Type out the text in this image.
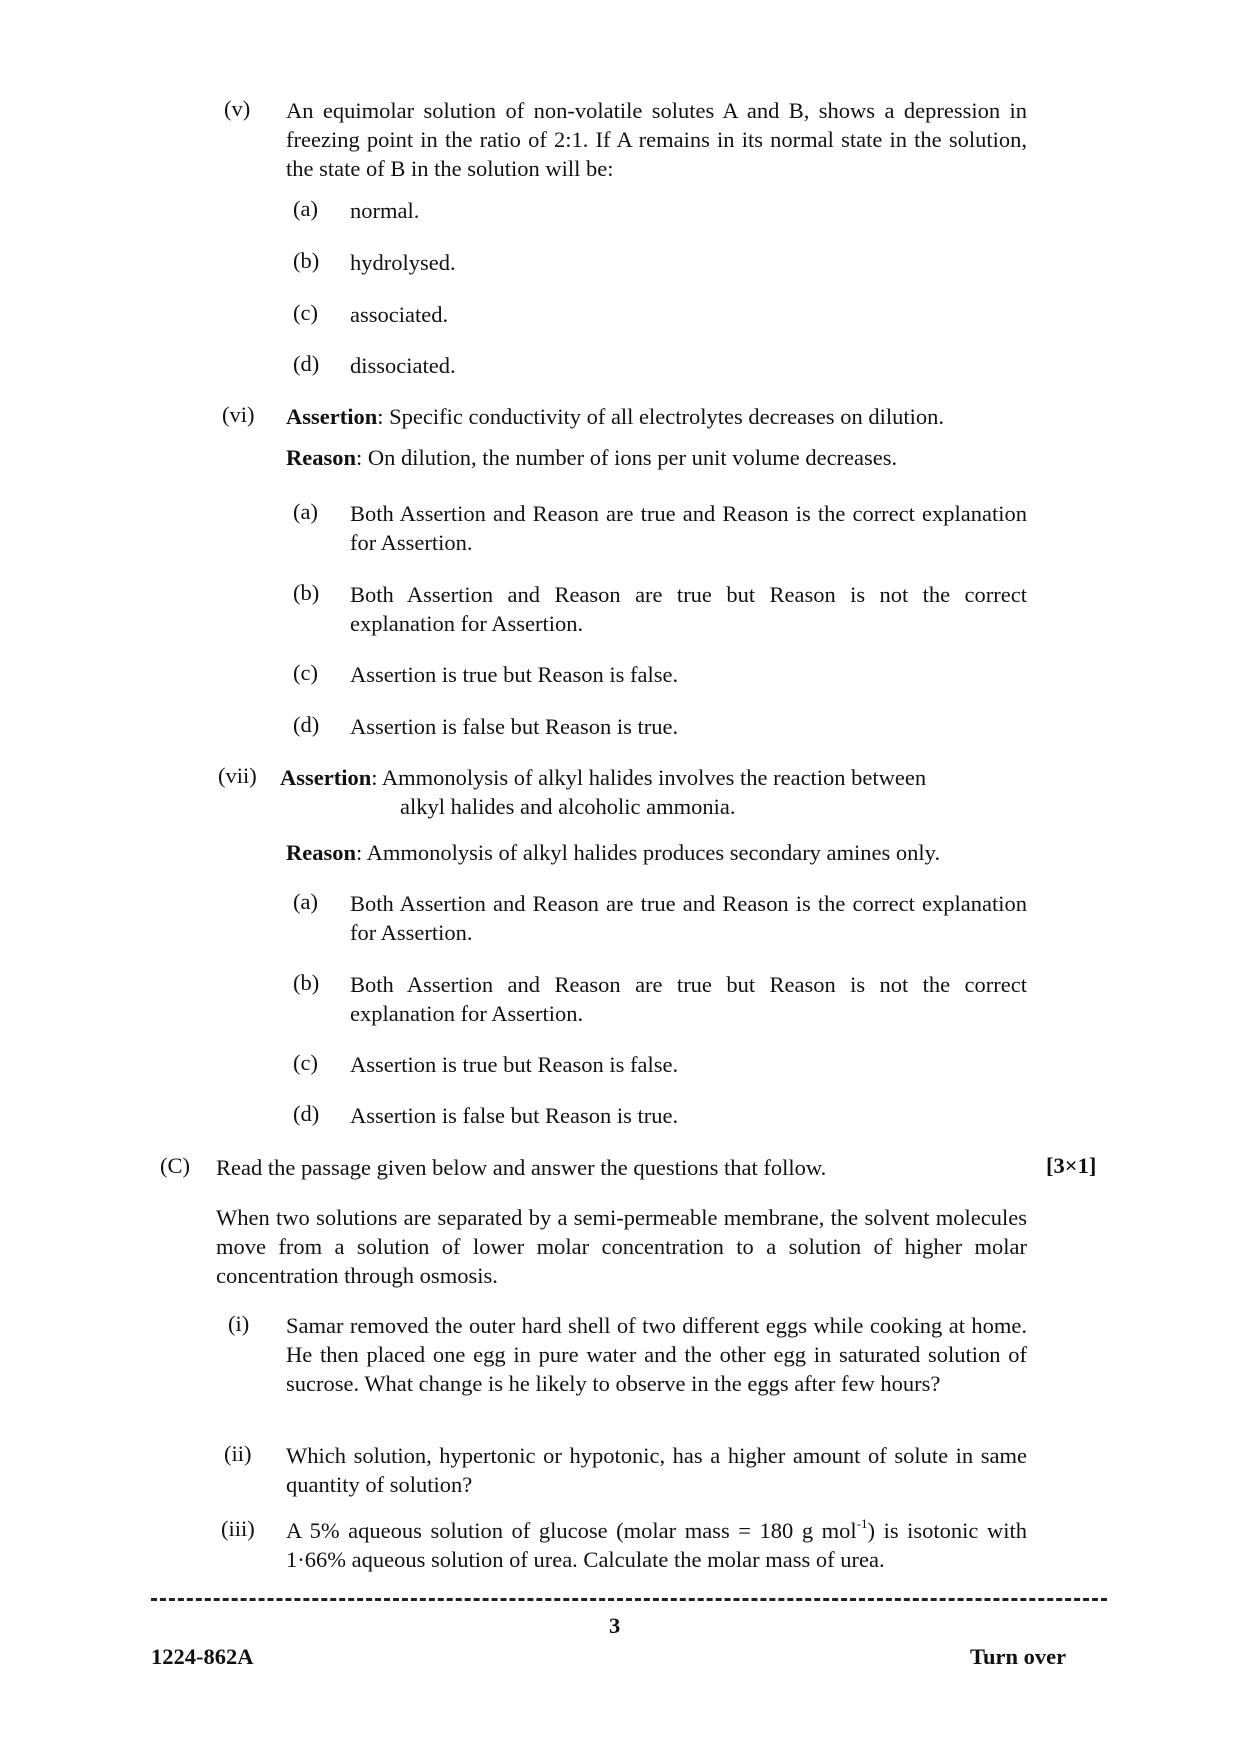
(v) An equimolar solution of non-volatile solutes A and B, shows a depression in freezing point in the ratio of 2:1. If A remains in its normal state in the solution, the state of B in the solution will be:
(a) normal.
(b) hydrolysed.
(c) associated.
(d) dissociated.
(vi) Assertion: Specific conductivity of all electrolytes decreases on dilution.
Reason: On dilution, the number of ions per unit volume decreases.
(a) Both Assertion and Reason are true and Reason is the correct explanation for Assertion.
(b) Both Assertion and Reason are true but Reason is not the correct explanation for Assertion.
(c) Assertion is true but Reason is false.
(d) Assertion is false but Reason is true.
(vii) Assertion: Ammonolysis of alkyl halides involves the reaction between
alkyl halides and alcoholic ammonia.
Reason: Ammonolysis of alkyl halides produces secondary amines only.
(a) Both Assertion and Reason are true and Reason is the correct explanation for Assertion.
(b) Both Assertion and Reason are true but Reason is not the correct explanation for Assertion.
(c) Assertion is true but Reason is false.
(d) Assertion is false but Reason is true.
(C) Read the passage given below and answer the questions that follow.	[3×1]
When two solutions are separated by a semi-permeable membrane, the solvent molecules move from a solution of lower molar concentration to a solution of higher molar concentration through osmosis.
(i) Samar removed the outer hard shell of two different eggs while cooking at home. He then placed one egg in pure water and the other egg in saturated solution of sucrose. What change is he likely to observe in the eggs after few hours?
(ii) Which solution, hypertonic or hypotonic, has a higher amount of solute in same quantity of solution?
(iii) A 5% aqueous solution of glucose (molar mass = 180 g mol$^{-1}$) is isotonic with 1·66% aqueous solution of urea. Calculate the molar mass of urea.
3
1224-862A	Turn over
